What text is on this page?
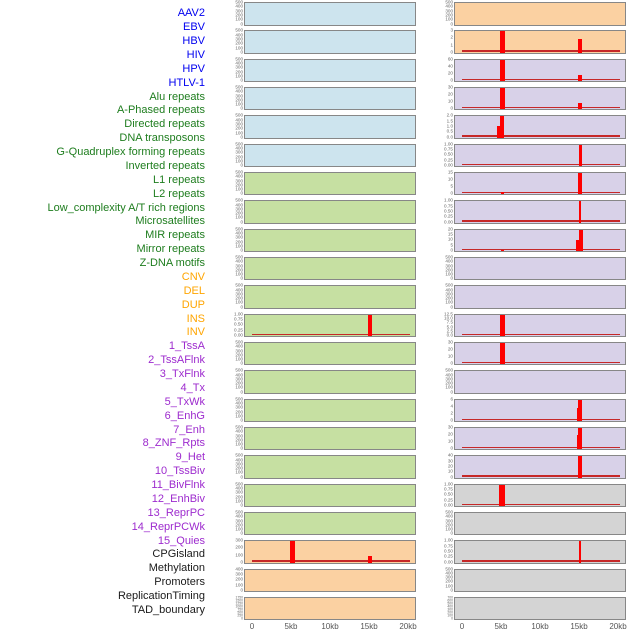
AAV2
EBV
HBV
HIV
HPV
HTLV-1
Alu repeats
A-Phased repeats
Directed repeats
DNA transposons
G-Quadruplex forming repeats
Inverted repeats
L1 repeats
L2 repeats
Low_complexity A/T rich regions
Microsatellites
MIR repeats
Mirror repeats
Z-DNA motifs
CNV
DEL
DUP
INS
INV
1_TssA
2_TssAFlnk
3_TxFlnk
4_Tx
5_TxWk
6_EnhG
7_Enh
8_ZNF_Rpts
9_Het
10_TssBiv
11_BivFlnk
12_EnhBiv
13_ReprPC
14_ReprPCWk
15_Quies
CPGisland
Methylation
Promoters
ReplicationTiming
TAD_boundary
500
400
300
200
100
0
500
400
300
200
100
0
500
400
300
200
100
0
500
400
300
200
100
0
500
400
300
200
100
0
500
400
300
200
100
0
500
400
300
200
100
0
500
400
300
200
100
0
500
400
300
200
100
0
500
400
300
200
100
0
500
400
300
200
100
0
1.00
0.75
0.50
0.25
0.00
500
400
300
200
100
0
500
400
300
200
100
0
500
400
300
200
100
0
500
400
300
200
100
0
500
400
300
200
100
0
500
400
300
200
100
0
500
400
300
200
100
0
300
200
100
0
400
300
200
100
0
1750
1500
1250
1000
750
500
250
0
500
400
300
200
100
0
3
2
1
0
60
40
20
0
30
20
10
0
2.0
1.5
1.0
0.5
0.0
1.00
0.75
0.50
0.25
0.00
15
10
5
0
1.00
0.75
0.50
0.25
0.00
20
15
10
5
0
500
400
300
200
100
0
500
400
300
200
100
0
12.5
10.0
7.5
5.0
2.5
0.0
30
20
10
0
500
400
300
200
100
0
6
4
2
0
30
20
10
0
40
30
20
10
0
1.00
0.75
0.50
0.25
0.00
500
400
300
200
100
0
1.00
0.75
0.50
0.25
0.00
500
400
300
200
100
0
700
600
500
400
300
200
100
0
0	5kb	10kb	15kb	20kb	0	5kb	10kb	15kb	20kb
